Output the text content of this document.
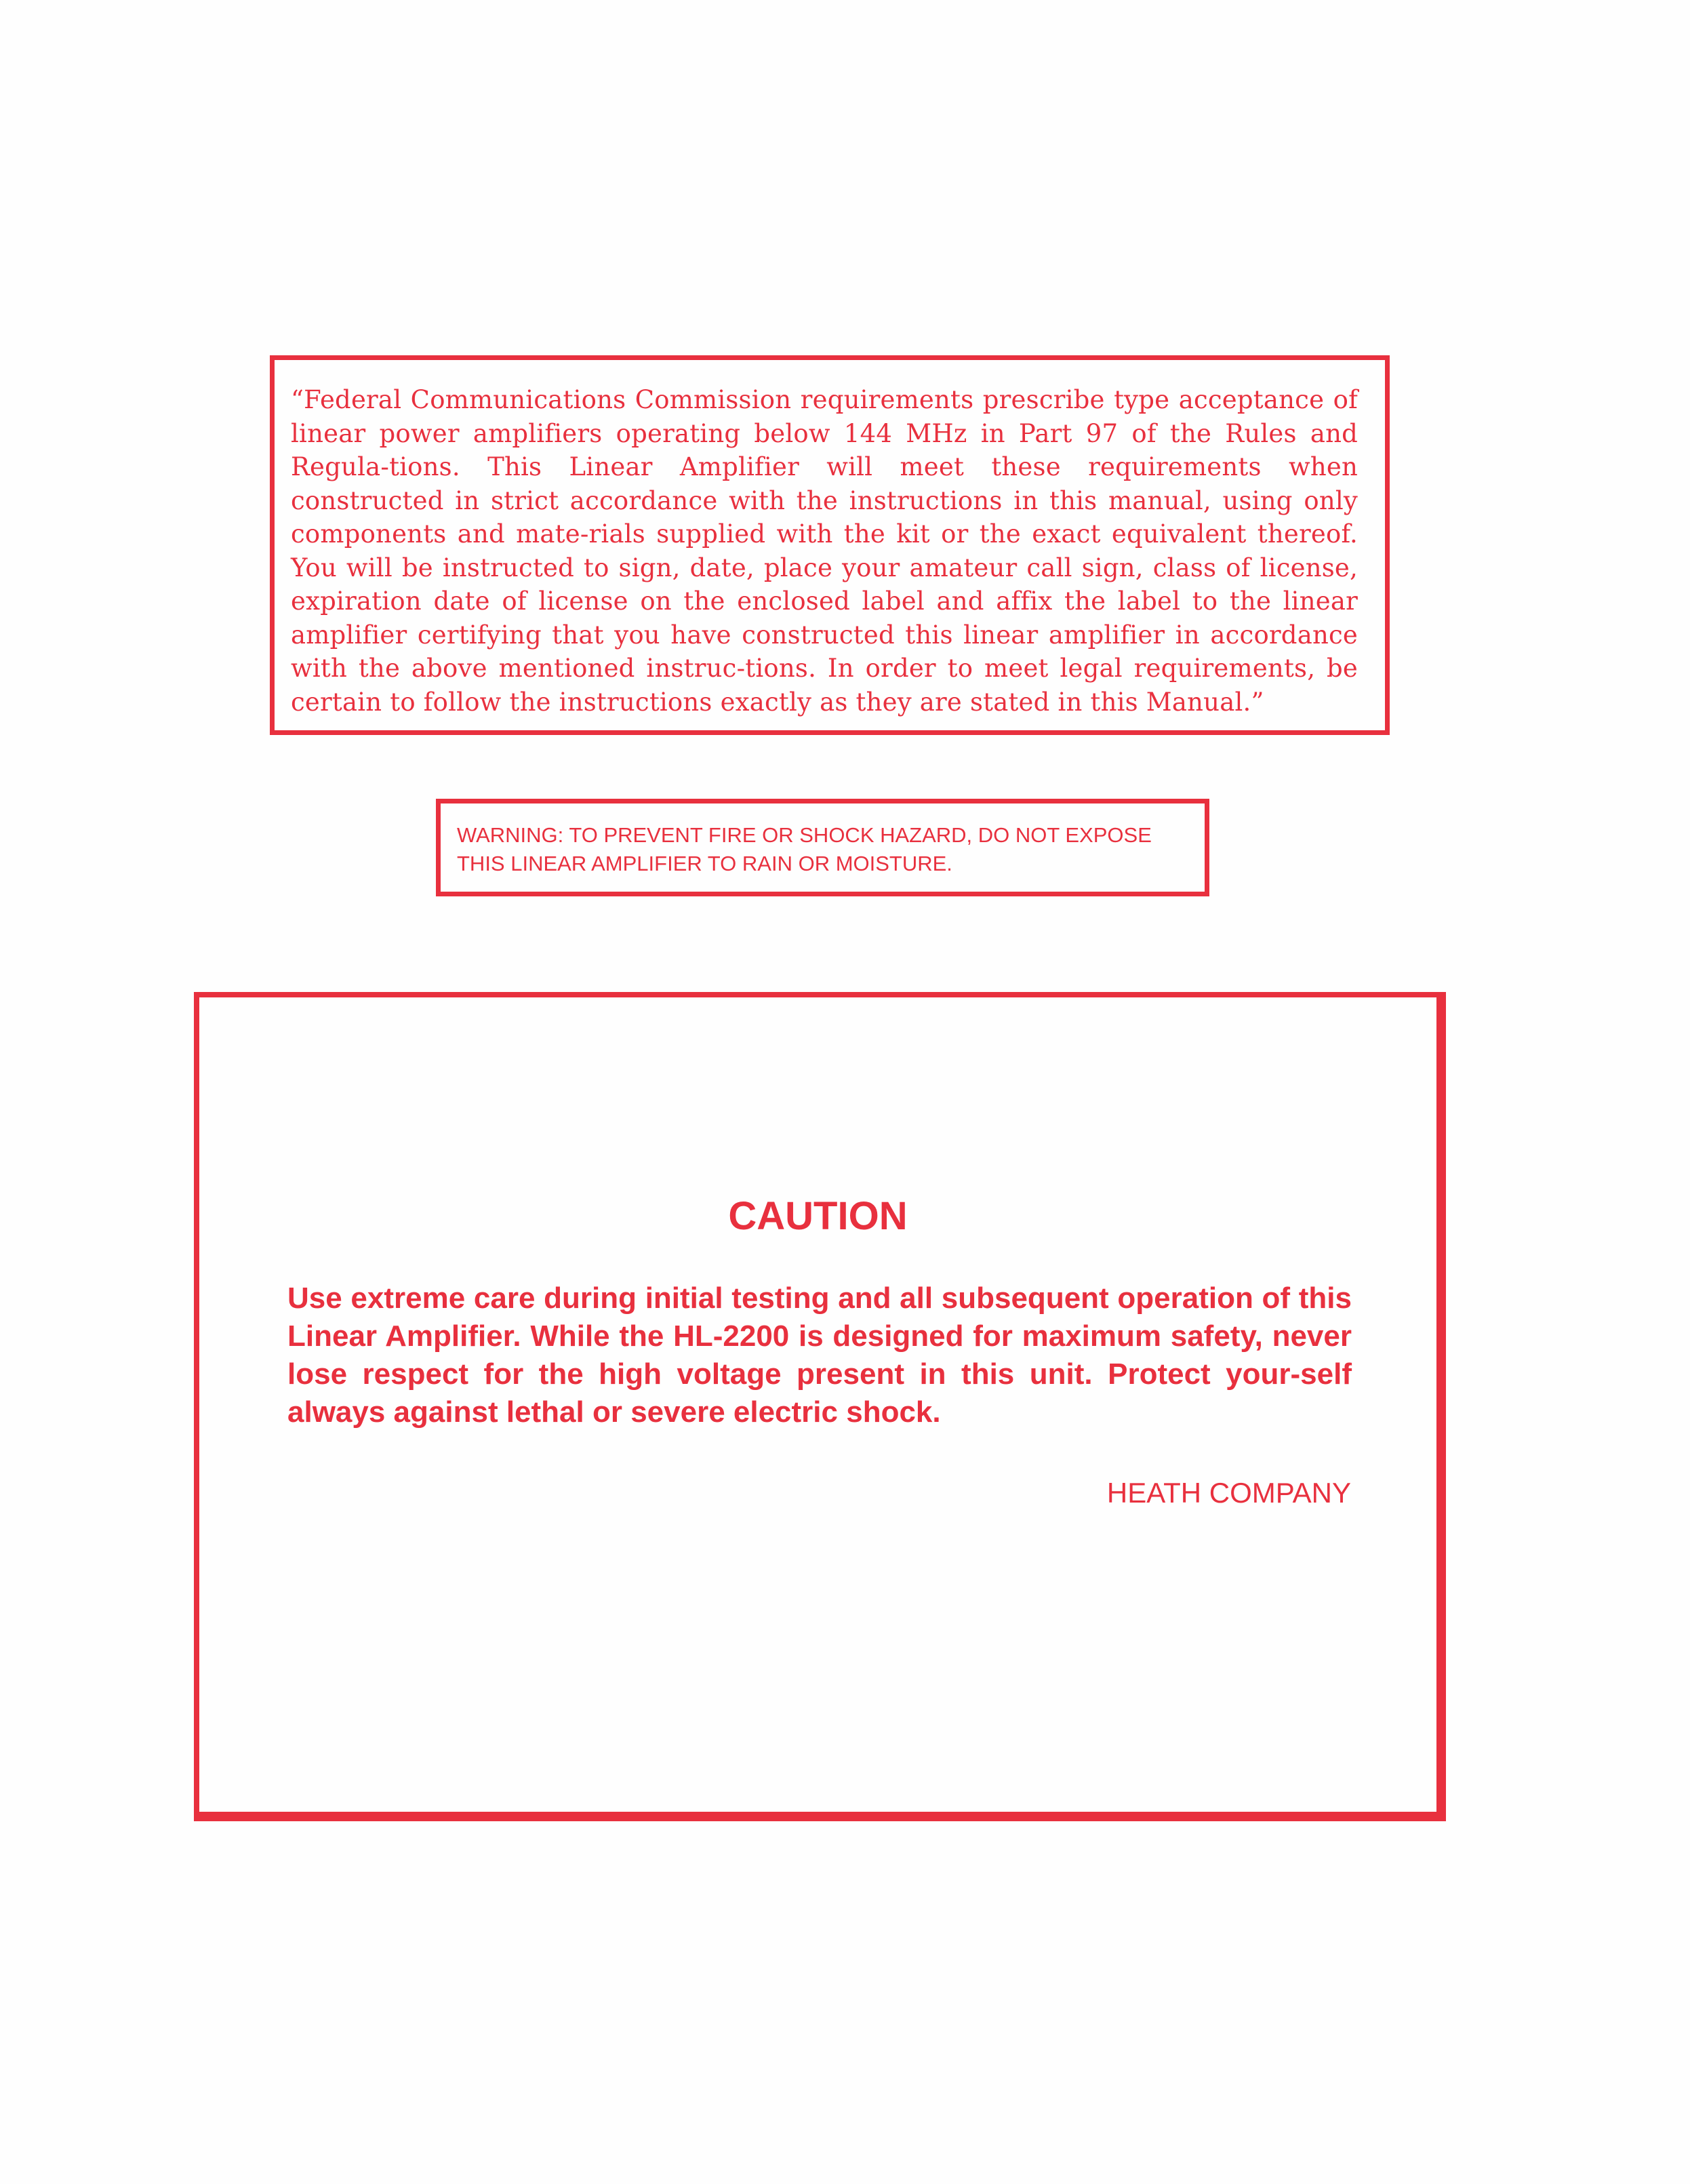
“Federal Communications Commission requirements prescribe type acceptance of linear power amplifiers operating below 144 MHz in Part 97 of the Rules and Regula-tions. This Linear Amplifier will meet these requirements when constructed in strict accordance with the instructions in this manual, using only components and mate-rials supplied with the kit or the exact equivalent thereof. You will be instructed to sign, date, place your amateur call sign, class of license, expiration date of license on the enclosed label and affix the label to the linear amplifier certifying that you have constructed this linear amplifier in accordance with the above mentioned instruc-tions. In order to meet legal requirements, be certain to follow the instructions exactly as they are stated in this Manual.”

WARNING: TO PREVENT FIRE OR SHOCK HAZARD, DO NOT EXPOSE
THIS LINEAR AMPLIFIER TO RAIN OR MOISTURE.

CAUTION

Use extreme care during initial testing and all subsequent operation of this Linear Amplifier. While the HL-2200 is designed for maximum safety, never lose respect for the high voltage present in this unit. Protect your-self always against lethal or severe electric shock.

HEATH COMPANY
